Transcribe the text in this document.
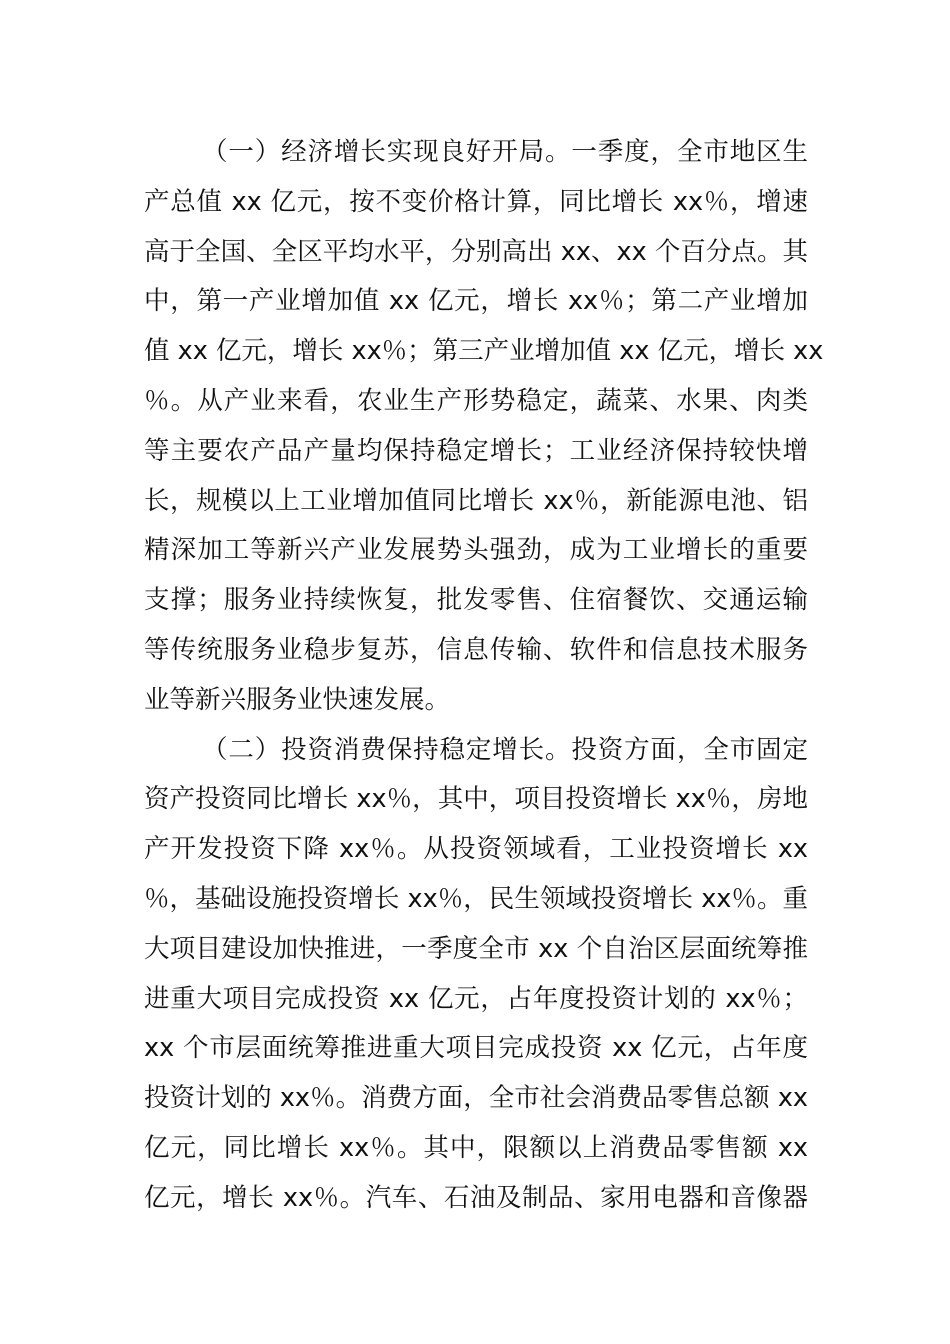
（一）经济增长实现良好开局。一季度，全市地区生
产总值 xx 亿元，按不变价格计算，同比增长 xx％，增速
高于全国、全区平均水平，分别高出 xx、xx 个百分点。其
中，第一产业增加值 xx 亿元，增长 xx％；第二产业增加
值 xx 亿元，增长 xx％；第三产业增加值 xx 亿元，增长 xx
％。从产业来看，农业生产形势稳定，蔬菜、水果、肉类
等主要农产品产量均保持稳定增长；工业经济保持较快增
长，规模以上工业增加值同比增长 xx％，新能源电池、铝
精深加工等新兴产业发展势头强劲，成为工业增长的重要
支撑；服务业持续恢复，批发零售、住宿餐饮、交通运输
等传统服务业稳步复苏，信息传输、软件和信息技术服务
业等新兴服务业快速发展。
（二）投资消费保持稳定增长。投资方面，全市固定
资产投资同比增长 xx％，其中，项目投资增长 xx％，房地
产开发投资下降 xx％。从投资领域看，工业投资增长 xx
％，基础设施投资增长 xx％，民生领域投资增长 xx％。重
大项目建设加快推进，一季度全市 xx 个自治区层面统筹推
进重大项目完成投资 xx 亿元，占年度投资计划的 xx％；
xx 个市层面统筹推进重大项目完成投资 xx 亿元，占年度
投资计划的 xx％。消费方面，全市社会消费品零售总额 xx
亿元，同比增长 xx％。其中，限额以上消费品零售额 xx
亿元，增长 xx％。汽车、石油及制品、家用电器和音像器
